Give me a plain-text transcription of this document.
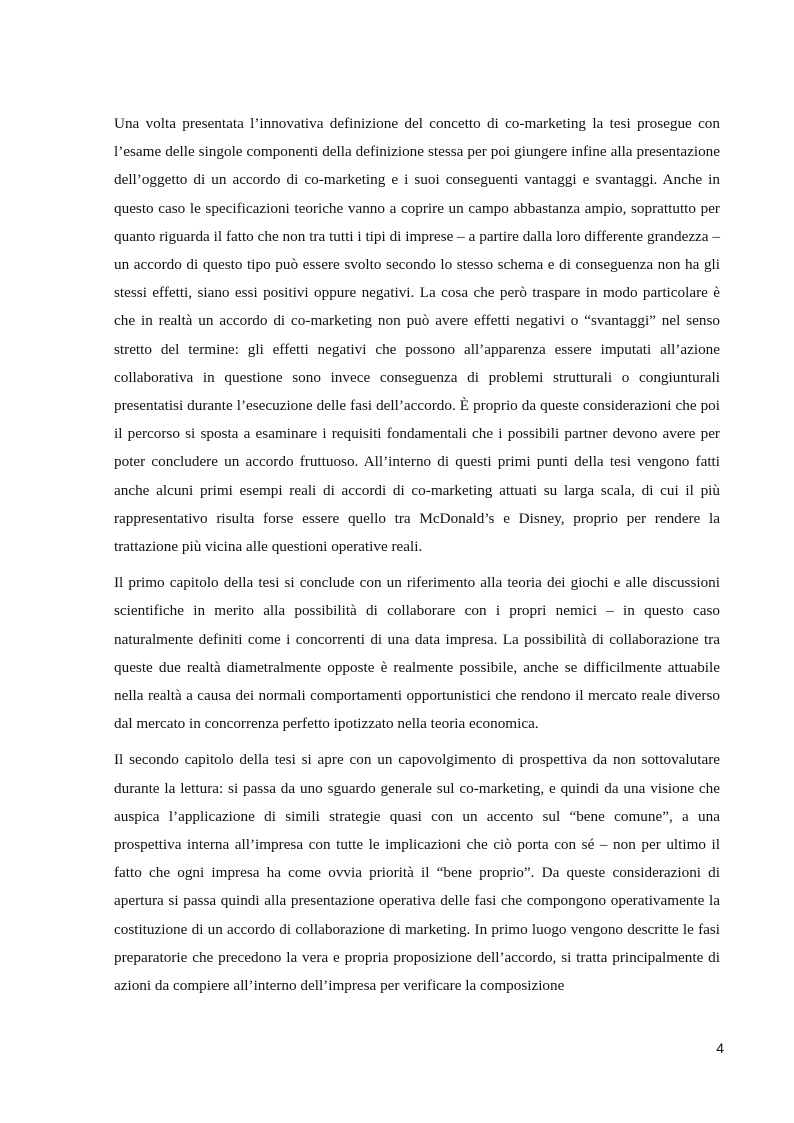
Una volta presentata l’innovativa definizione del concetto di co-marketing la tesi prosegue con l’esame delle singole componenti della definizione stessa per poi giungere infine alla presentazione dell’oggetto di un accordo di co-marketing e i suoi conseguenti vantaggi e svantaggi. Anche in questo caso le specificazioni teoriche vanno a coprire un campo abbastanza ampio, soprattutto per quanto riguarda il fatto che non tra tutti i tipi di imprese – a partire dalla loro differente grandezza – un accordo di questo tipo può essere svolto secondo lo stesso schema e di conseguenza non ha gli stessi effetti, siano essi positivi oppure negativi. La cosa che però traspare in modo particolare è che in realtà un accordo di co-marketing non può avere effetti negativi o “svantaggi” nel senso stretto del termine: gli effetti negativi che possono all’apparenza essere imputati all’azione collaborativa in questione sono invece conseguenza di problemi strutturali o congiunturali presentatisi durante l’esecuzione delle fasi dell’accordo. È proprio da queste considerazioni che poi il percorso si sposta a esaminare i requisiti fondamentali che i possibili partner devono avere per poter concludere un accordo fruttuoso. All’interno di questi primi punti della tesi vengono fatti anche alcuni primi esempi reali di accordi di co-marketing attuati su larga scala, di cui il più rappresentativo risulta forse essere quello tra McDonald’s e Disney, proprio per rendere la trattazione più vicina alle questioni operative reali.

Il primo capitolo della tesi si conclude con un riferimento alla teoria dei giochi e alle discussioni scientifiche in merito alla possibilità di collaborare con i propri nemici – in questo caso naturalmente definiti come i concorrenti di una data impresa. La possibilità di collaborazione tra queste due realtà diametralmente opposte è realmente possibile, anche se difficilmente attuabile nella realtà a causa dei normali comportamenti opportunistici che rendono il mercato reale diverso dal mercato in concorrenza perfetto ipotizzato nella teoria economica.

Il secondo capitolo della tesi si apre con un capovolgimento di prospettiva da non sottovalutare durante la lettura: si passa da uno sguardo generale sul co-marketing, e quindi da una visione che auspica l’applicazione di simili strategie quasi con un accento sul “bene comune”, a una prospettiva interna all’impresa con tutte le implicazioni che ciò porta con sé – non per ultimo il fatto che ogni impresa ha come ovvia priorità il “bene proprio”. Da queste considerazioni di apertura si passa quindi alla presentazione operativa delle fasi che compongono operativamente la costituzione di un accordo di collaborazione di marketing. In primo luogo vengono descritte le fasi preparatorie che precedono la vera e propria proposizione dell’accordo, si tratta principalmente di azioni da compiere all’interno dell’impresa per verificare la composizione

4
